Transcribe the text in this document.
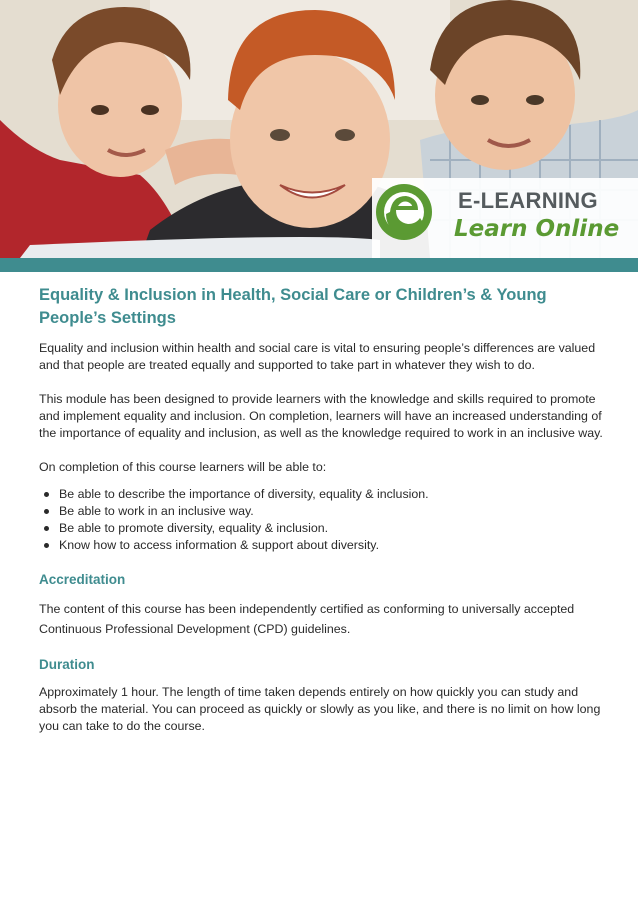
E-LEARNING
Learn Online
Equality & Inclusion in Health, Social Care or Children’s & Young People’s Settings

Equality and inclusion within health and social care is vital to ensuring people’s differences are valued and that people are treated equally and supported to take part in whatever they wish to do.

This module has been designed to provide learners with the knowledge and skills required to promote and implement equality and inclusion. On completion, learners will have an increased understanding of the importance of equality and inclusion, as well as the knowledge required to work in an inclusive way.

On completion of this course learners will be able to:

Be able to describe the importance of diversity, equality & inclusion.
Be able to work in an inclusive way.
Be able to promote diversity, equality & inclusion.
Know how to access information & support about diversity.
Accreditation

The content of this course has been independently certified as conforming to universally accepted Continuous Professional Development (CPD) guidelines.

Duration

Approximately 1 hour. The length of time taken depends entirely on how quickly you can study and absorb the material. You can proceed as quickly or slowly as you like, and there is no limit on how long you can take to do the course.
